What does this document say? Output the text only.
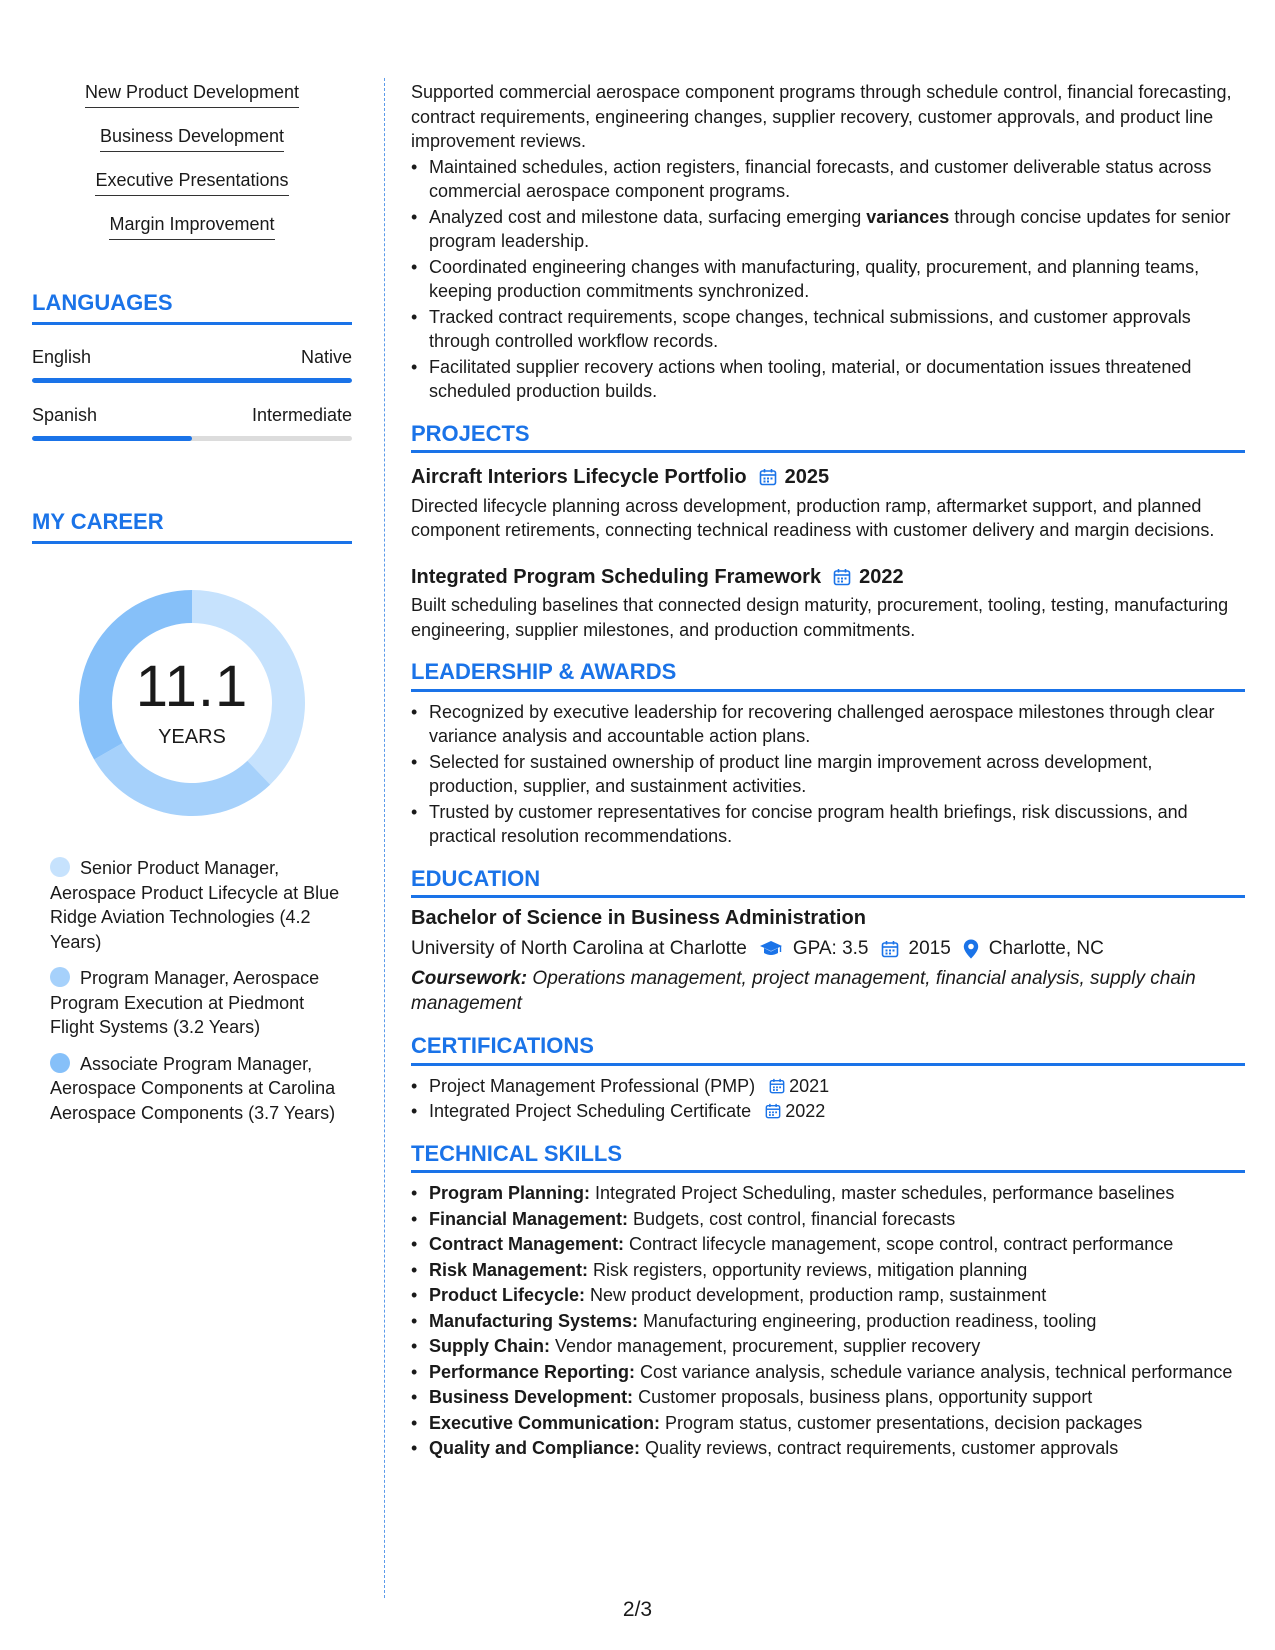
New Product Development
Business Development
Executive Presentations
Margin Improvement
LANGUAGES
English	Native
Spanish	Intermediate
MY CAREER
11.1
YEARS
Senior Product Manager, Aerospace Product Lifecycle at Blue Ridge Aviation Technologies (4.2 Years)
Program Manager, Aerospace Program Execution at Piedmont Flight Systems (3.2 Years)
Associate Program Manager, Aerospace Components at Carolina Aerospace Components (3.7 Years)
Supported commercial aerospace component programs through schedule control, financial forecasting, contract requirements, engineering changes, supplier recovery, customer approvals, and product line improvement reviews.
• Maintained schedules, action registers, financial forecasts, and customer deliverable status across commercial aerospace component programs.
• Analyzed cost and milestone data, surfacing emerging variances through concise updates for senior program leadership.
• Coordinated engineering changes with manufacturing, quality, procurement, and planning teams, keeping production commitments synchronized.
• Tracked contract requirements, scope changes, technical submissions, and customer approvals through controlled workflow records.
• Facilitated supplier recovery actions when tooling, material, or documentation issues threatened scheduled production builds.
PROJECTS
Aircraft Interiors Lifecycle Portfolio 2025
Directed lifecycle planning across development, production ramp, aftermarket support, and planned component retirements, connecting technical readiness with customer delivery and margin decisions.
Integrated Program Scheduling Framework 2022
Built scheduling baselines that connected design maturity, procurement, tooling, testing, manufacturing engineering, supplier milestones, and production commitments.
LEADERSHIP & AWARDS
• Recognized by executive leadership for recovering challenged aerospace milestones through clear variance analysis and accountable action plans.
• Selected for sustained ownership of product line margin improvement across development, production, supplier, and sustainment activities.
• Trusted by customer representatives for concise program health briefings, risk discussions, and practical resolution recommendations.
EDUCATION
Bachelor of Science in Business Administration
University of North Carolina at Charlotte GPA: 3.5 2015 Charlotte, NC
Coursework: Operations management, project management, financial analysis, supply chain management
CERTIFICATIONS
• Project Management Professional (PMP) 2021
• Integrated Project Scheduling Certificate 2022
TECHNICAL SKILLS
• Program Planning: Integrated Project Scheduling, master schedules, performance baselines
• Financial Management: Budgets, cost control, financial forecasts
• Contract Management: Contract lifecycle management, scope control, contract performance
• Risk Management: Risk registers, opportunity reviews, mitigation planning
• Product Lifecycle: New product development, production ramp, sustainment
• Manufacturing Systems: Manufacturing engineering, production readiness, tooling
• Supply Chain: Vendor management, procurement, supplier recovery
• Performance Reporting: Cost variance analysis, schedule variance analysis, technical performance
• Business Development: Customer proposals, business plans, opportunity support
• Executive Communication: Program status, customer presentations, decision packages
• Quality and Compliance: Quality reviews, contract requirements, customer approvals
2/3
